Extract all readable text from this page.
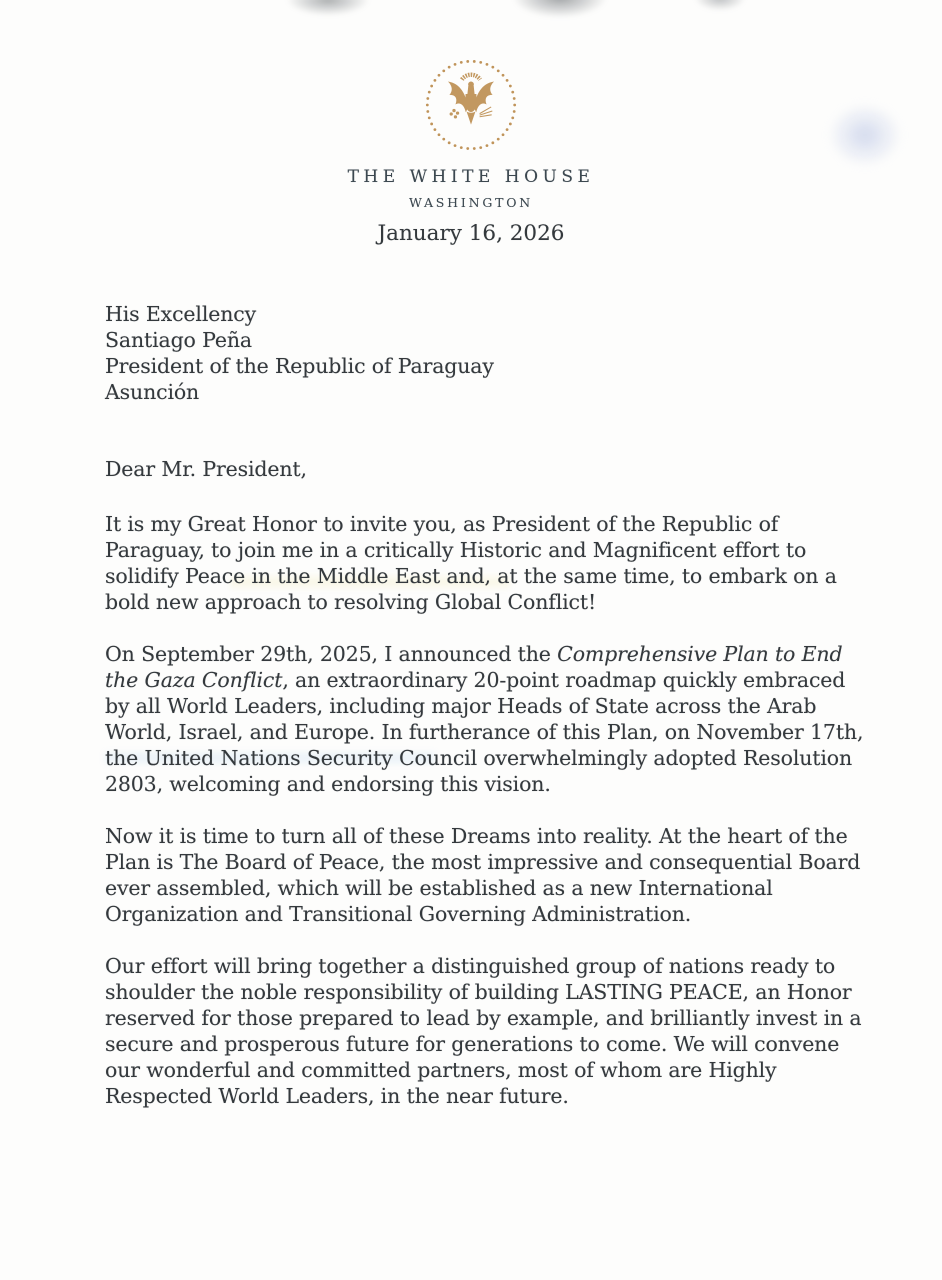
THE WHITE HOUSE
WASHINGTON
January 16, 2026
His Excellency
Santiago Peña
President of the Republic of Paraguay
Asunción
Dear Mr. President,

It is my Great Honor to invite you, as President of the Republic of
Paraguay, to join me in a critically Historic and Magnificent effort to
solidify Peace in the Middle East and, at the same time, to embark on a
bold new approach to resolving Global Conflict!

On September 29th, 2025, I announced the Comprehensive Plan to End
the Gaza Conflict, an extraordinary 20-point roadmap quickly embraced
by all World Leaders, including major Heads of State across the Arab
World, Israel, and Europe. In furtherance of this Plan, on November 17th,
the United Nations Security Council overwhelmingly adopted Resolution
2803, welcoming and endorsing this vision.

Now it is time to turn all of these Dreams into reality. At the heart of the
Plan is The Board of Peace, the most impressive and consequential Board
ever assembled, which will be established as a new International
Organization and Transitional Governing Administration.

Our effort will bring together a distinguished group of nations ready to
shoulder the noble responsibility of building LASTING PEACE, an Honor
reserved for those prepared to lead by example, and brilliantly invest in a
secure and prosperous future for generations to come. We will convene
our wonderful and committed partners, most of whom are Highly
Respected World Leaders, in the near future.
